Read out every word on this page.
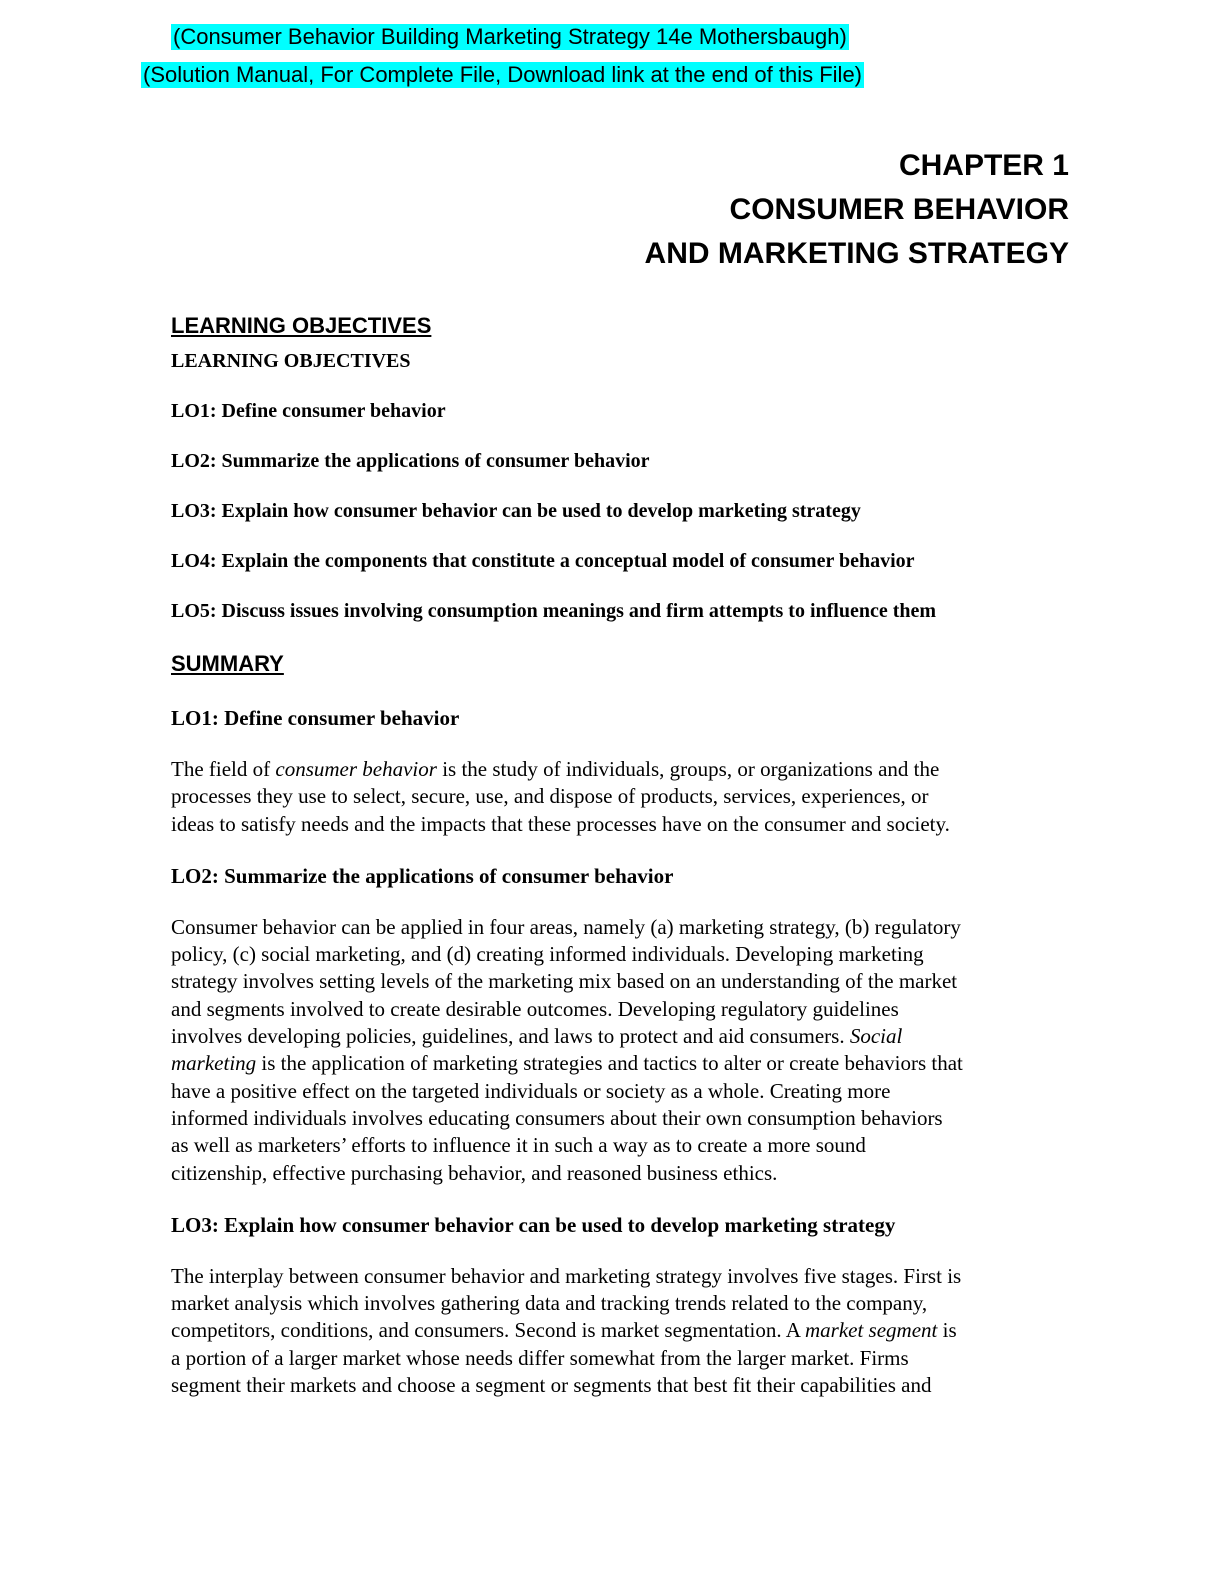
(Consumer Behavior Building Marketing Strategy 14e Mothersbaugh)
(Solution Manual, For Complete File, Download link at the end of this File)
CHAPTER 1
CONSUMER BEHAVIOR
AND MARKETING STRATEGY
LEARNING OBJECTIVES
LEARNING OBJECTIVES

LO1: Define consumer behavior

LO2: Summarize the applications of consumer behavior

LO3: Explain how consumer behavior can be used to develop marketing strategy

LO4: Explain the components that constitute a conceptual model of consumer behavior

LO5: Discuss issues involving consumption meanings and firm attempts to influence them

SUMMARY
LO1: Define consumer behavior

The field of consumer behavior is the study of individuals, groups, or organizations and the
processes they use to select, secure, use, and dispose of products, services, experiences, or
ideas to satisfy needs and the impacts that these processes have on the consumer and society.

LO2: Summarize the applications of consumer behavior

Consumer behavior can be applied in four areas, namely (a) marketing strategy, (b) regulatory
policy, (c) social marketing, and (d) creating informed individuals. Developing marketing
strategy involves setting levels of the marketing mix based on an understanding of the market
and segments involved to create desirable outcomes. Developing regulatory guidelines
involves developing policies, guidelines, and laws to protect and aid consumers. Social
marketing is the application of marketing strategies and tactics to alter or create behaviors that
have a positive effect on the targeted individuals or society as a whole. Creating more
informed individuals involves educating consumers about their own consumption behaviors
as well as marketers’ efforts to influence it in such a way as to create a more sound
citizenship, effective purchasing behavior, and reasoned business ethics.

LO3: Explain how consumer behavior can be used to develop marketing strategy

The interplay between consumer behavior and marketing strategy involves five stages. First is
market analysis which involves gathering data and tracking trends related to the company,
competitors, conditions, and consumers. Second is market segmentation. A market segment is
a portion of a larger market whose needs differ somewhat from the larger market. Firms
segment their markets and choose a segment or segments that best fit their capabilities and
